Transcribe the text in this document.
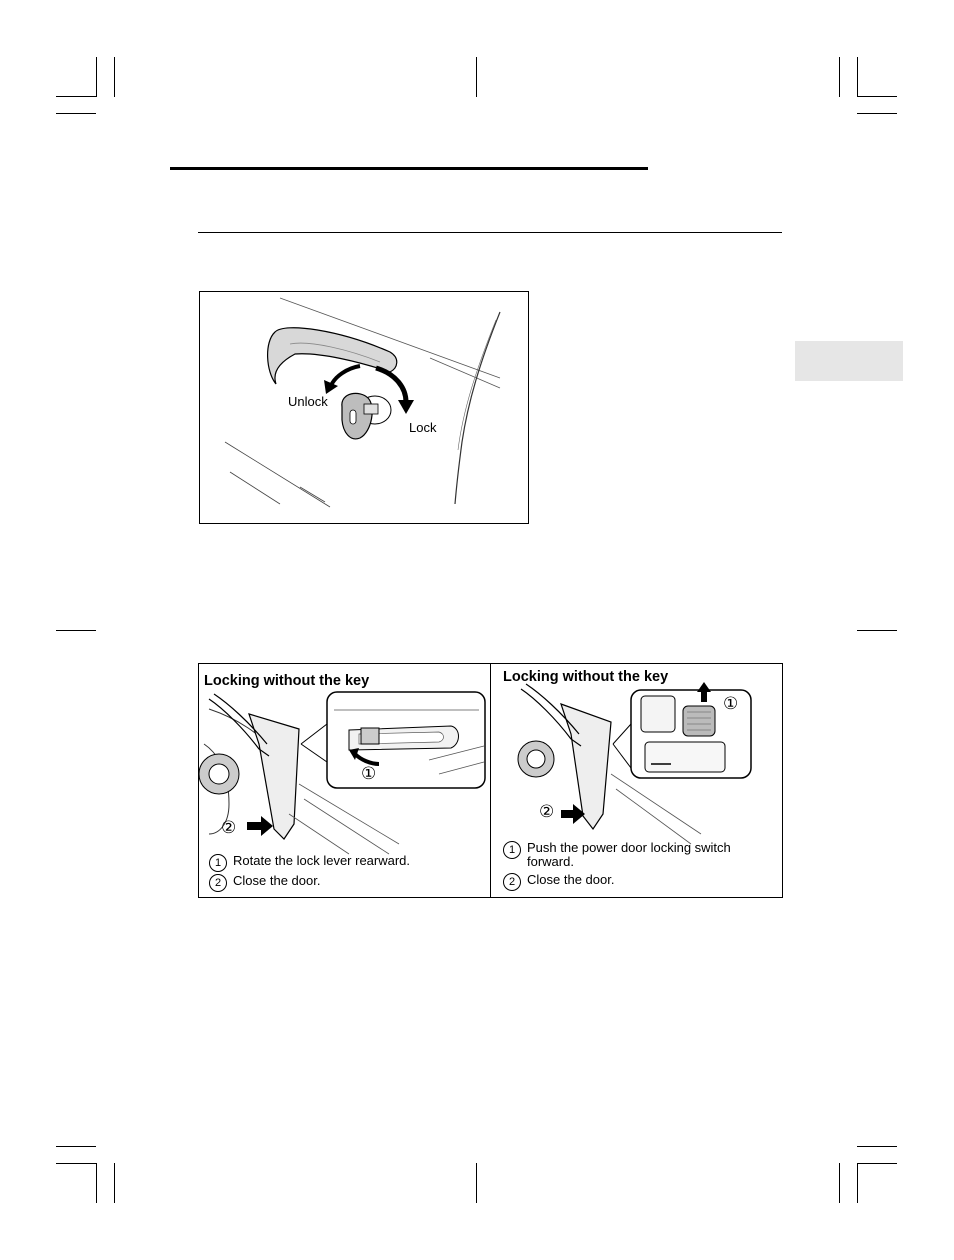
Unlock
Lock
Locking without the key
①
②
1 Rotate the lock lever rearward.
2 Close the door.
Locking without the key
①
②
1 Push the power door locking switch forward.
2 Close the door.
